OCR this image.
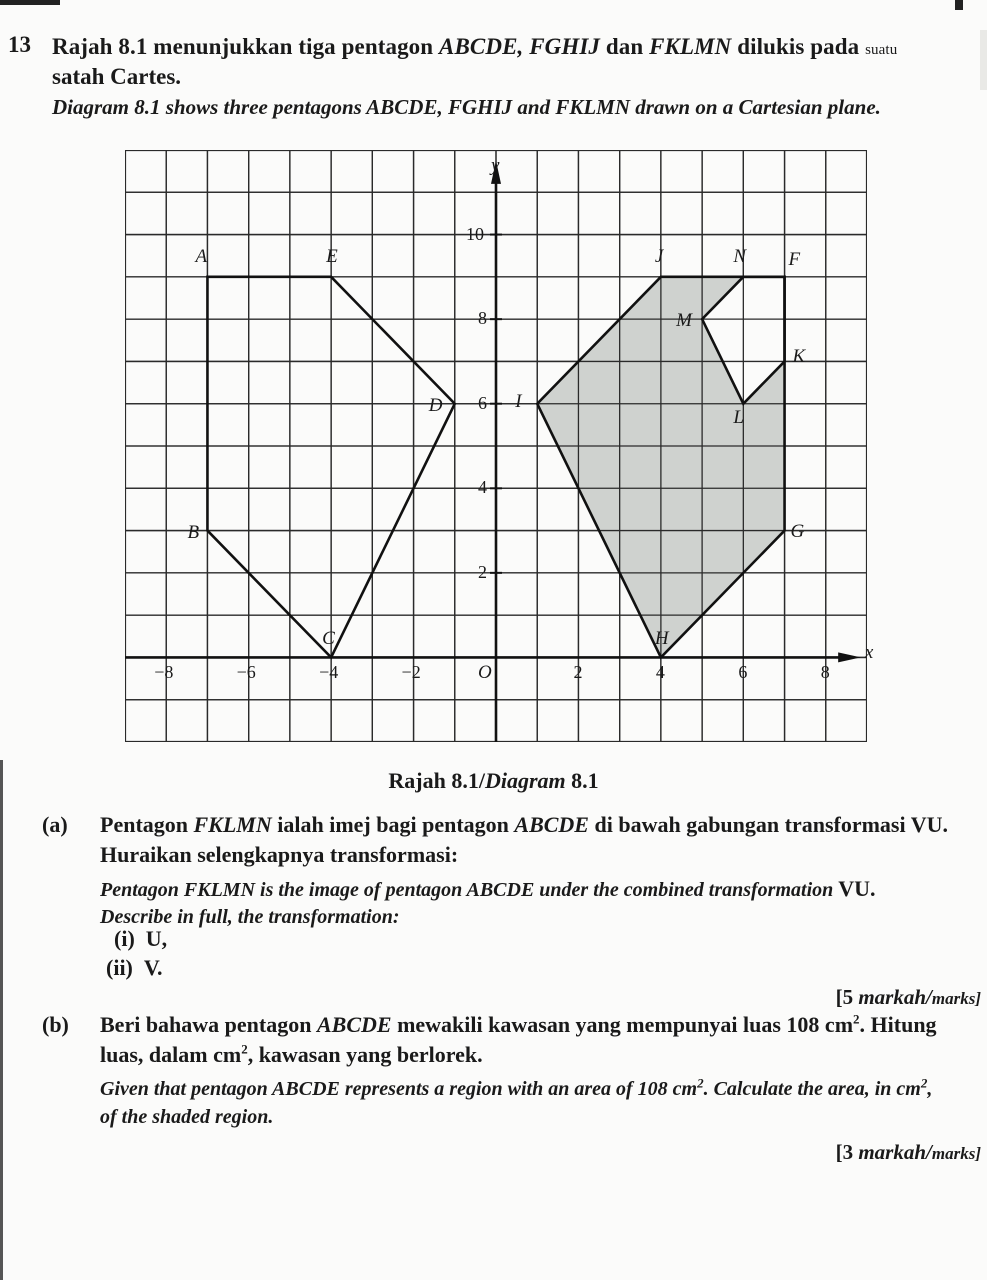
13 Rajah 8.1 menunjukkan tiga pentagon ABCDE, FGHIJ dan FKLMN dilukis pada suatu
satah Cartes.
Diagram 8.1 shows three pentagons ABCDE, FGHIJ and FKLMN drawn on a Cartesian plane.
A
B
C
D
E	F
G
H
I
J
K
L
M
N
−8	−6	−4	−2	2	4	6	8
2
4
6
8
10
O
y
x
Rajah 8.1/Diagram 8.1
(a) Pentagon FKLMN ialah imej bagi pentagon ABCDE di bawah gabungan transformasi VU.
Huraikan selengkapnya transformasi:
Pentagon FKLMN is the image of pentagon ABCDE under the combined transformation VU.
Describe in full, the transformation:
(i) U,
(ii) V.
[5 markah/marks]
(b) Beri bahawa pentagon ABCDE mewakili kawasan yang mempunyai luas 108 $cm^2$. Hitung
luas, dalam $cm^2$, kawasan yang berlorek.
Given that pentagon ABCDE represents a region with an area of 108 $cm^2$. Calculate the area, in $cm^2$,
of the shaded region.
[3 markah/marks]
